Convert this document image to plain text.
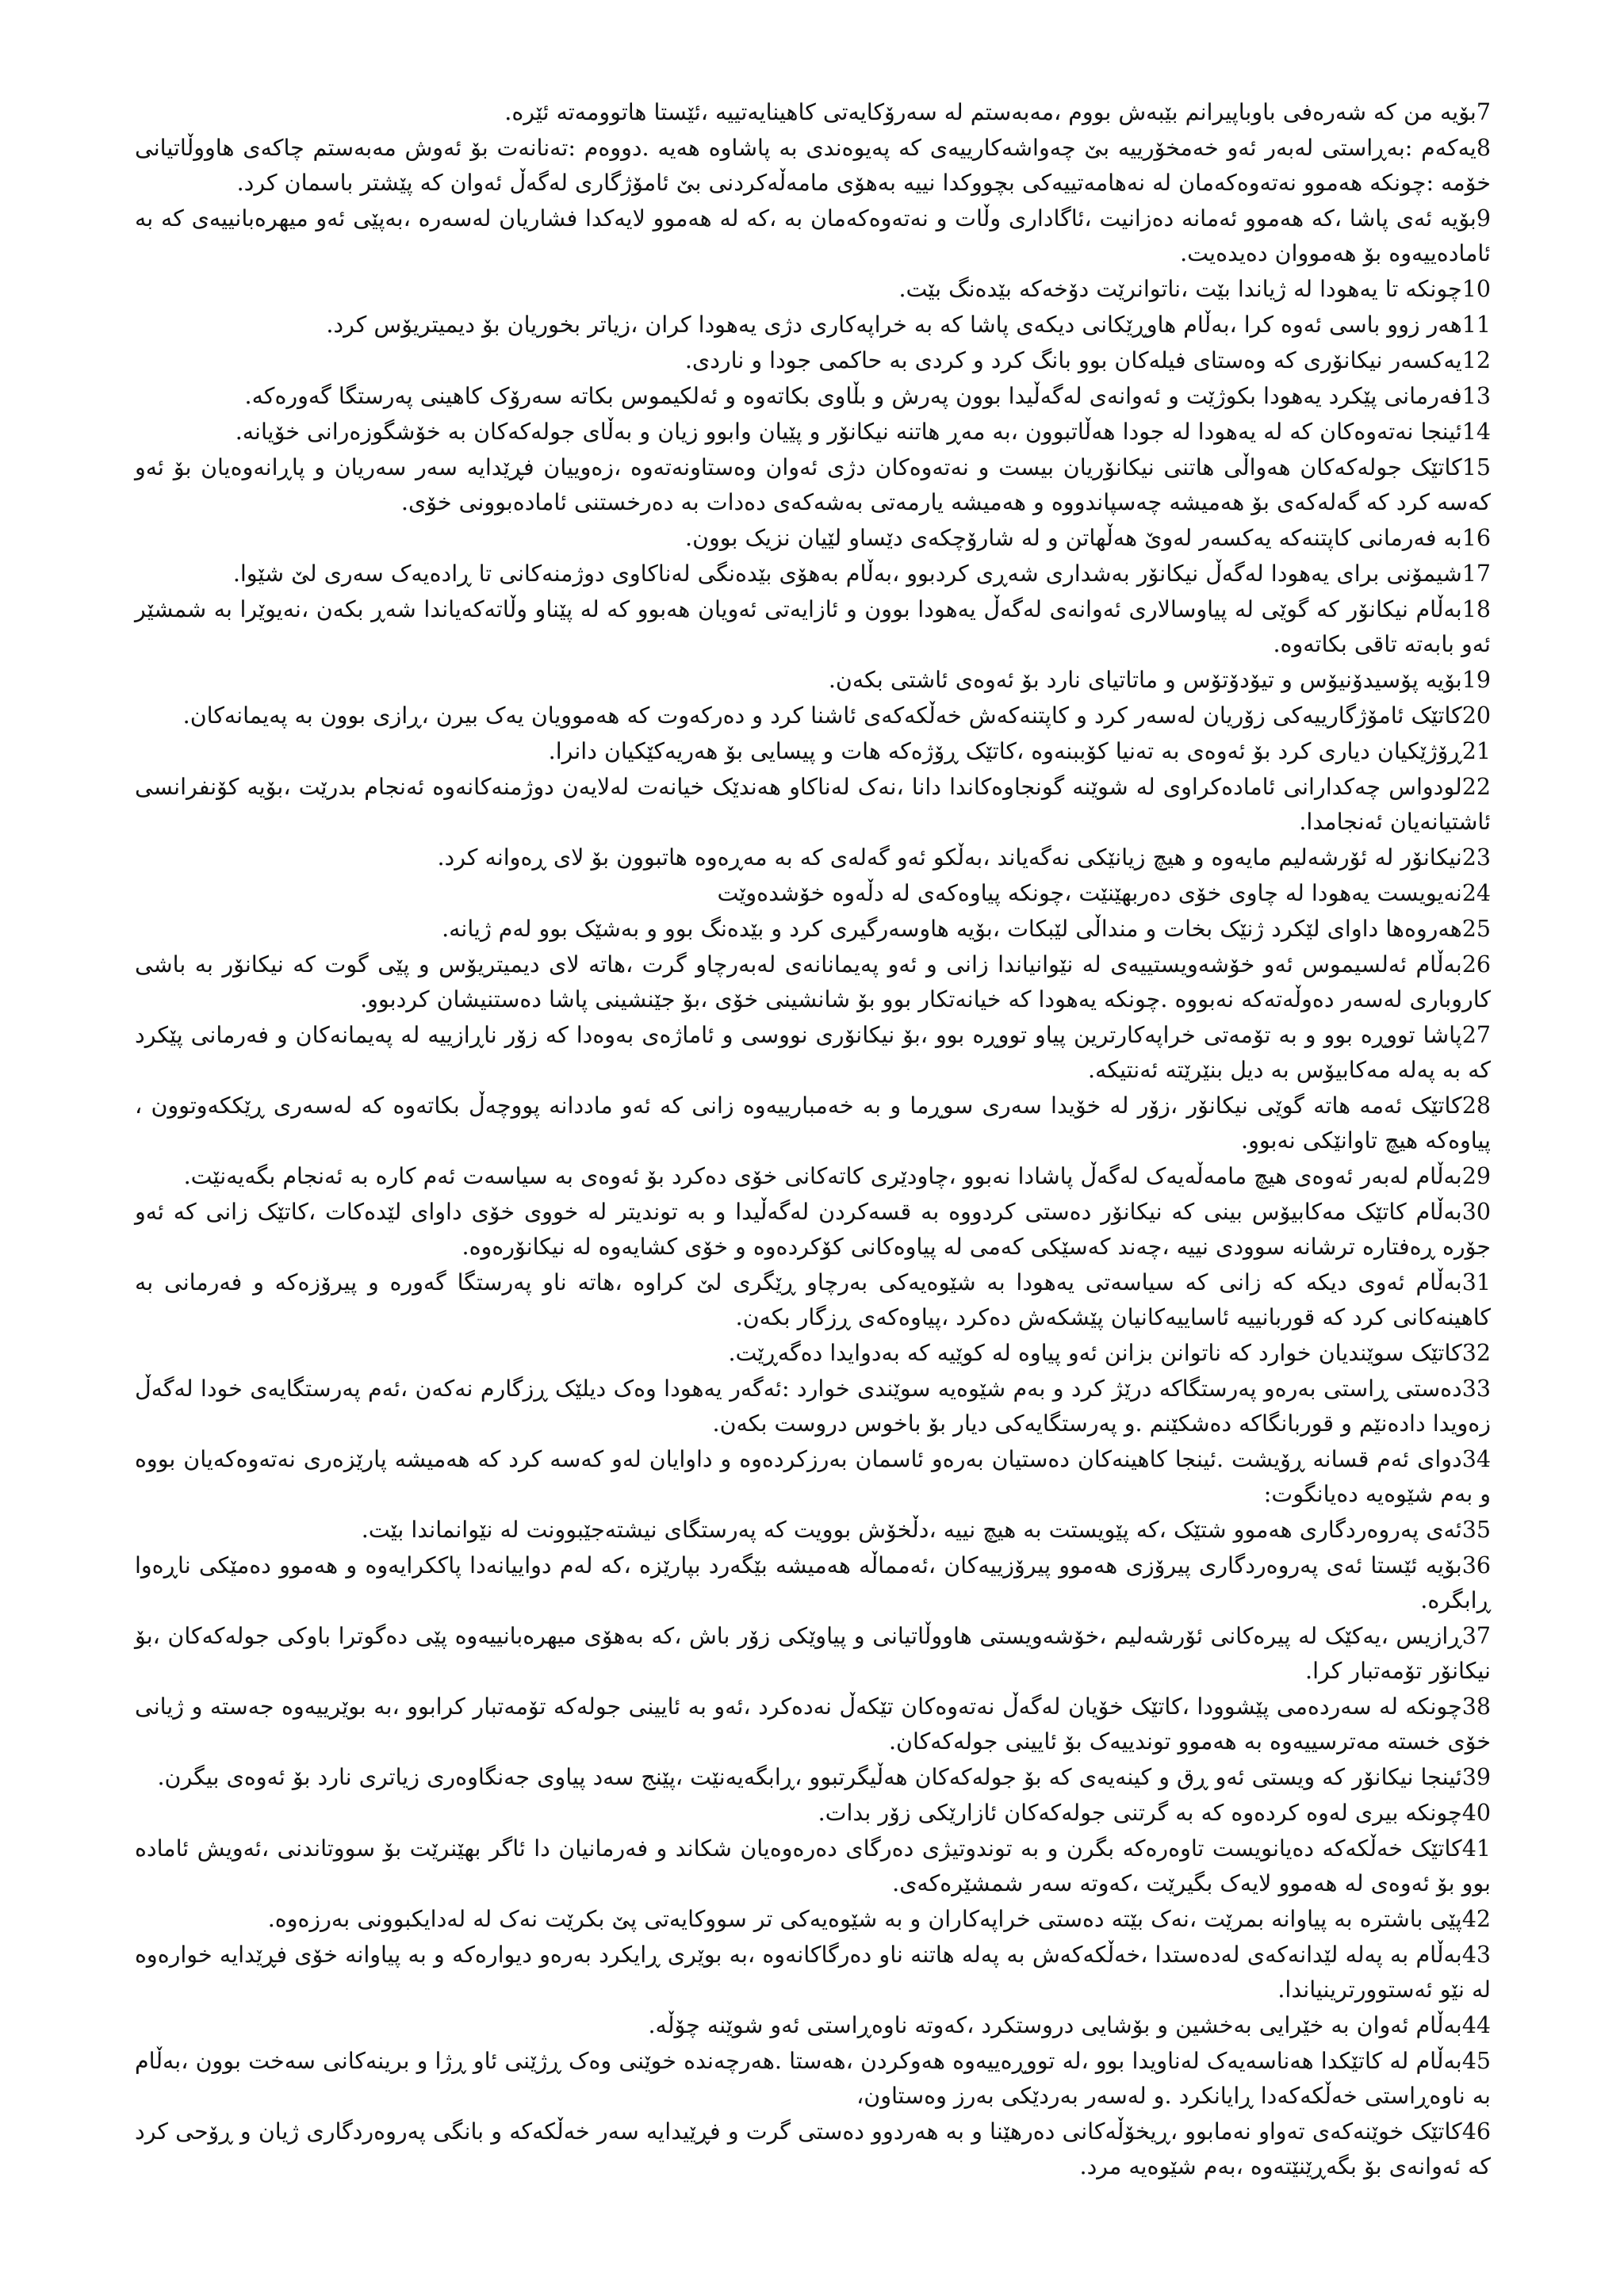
7بۆیە من کە شەرەفی باوباپیرانم بێبەش بووم ،مەبەستم لە سەرۆکایەتی کاهینایەتییە ،ئێستا هاتوومەتە ئێرە.

8یەکەم :بەڕاستی لەبەر ئەو خەمخۆرییە بێ چەواشەکارییەی کە پەیوەندی بە پاشاوە هەیە .دووەم :تەنانەت بۆ ئەوش مەبەستم چاکەی هاووڵاتیانی خۆمە :چونکە هەموو نەتەوەکەمان لە نەهامەتییەکی بچووکدا نییە بەهۆی مامەڵەکردنی بێ ئامۆژگاری لەگەڵ ئەوان کە پێشتر باسمان کرد.

9بۆیە ئەی پاشا ،کە هەموو ئەمانە دەزانیت ،ئاگاداری وڵات و نەتەوەکەمان بە ،کە لە هەموو لایەکدا فشاریان لەسەرە ،بەپێی ئەو میهرەبانییەی کە بە ئامادەییەوە بۆ هەمووان دەیدەیت.

10چونکە تا یەهودا لە ژیاندا بێت ،ناتوانرێت دۆخەکە بێدەنگ بێت.

11هەر زوو باسی ئەوە کرا ،بەڵام هاوڕێکانی دیکەی پاشا کە بە خراپەکاری دژی یەهودا کران ،زیاتر بخوریان بۆ دیمیتریۆس کرد.

12یەکسەر نیکانۆری کە وەستای فیلەکان بوو بانگ کرد و کردی بە حاکمی جودا و ناردی.

13فەرمانی پێکرد یەهودا بکوژێت و ئەوانەی لەگەڵیدا بوون پەرش و بڵاوی بکاتەوە و ئەلکیموس بکاتە سەرۆک کاهینی پەرستگا گەورەکە.

14ئینجا نەتەوەکان کە لە یەهودا لە جودا هەڵاتبوون ،بە مەڕ هاتنە نیکانۆر و پێیان وابوو زیان و بەڵای جولەکەکان بە خۆشگوزەرانی خۆیانە.

15کاتێک جولەکەکان هەواڵی هاتنی نیکانۆریان بیست و نەتەوەکان دژی ئەوان وەستاونەتەوە ،زەوییان فڕێدایە سەر سەریان و پاڕانەوەیان بۆ ئەو کەسە کرد کە گەلەکەی بۆ هەمیشە چەسپاندووە و هەمیشە یارمەتی بەشەکەی دەدات بە دەرخستنی ئامادەبوونی خۆی.

16بە فەرمانی کاپتنەکە یەکسەر لەوێ هەڵهاتن و لە شارۆچکەی دێساو لێیان نزیک بوون.

17شیمۆنی برای یەهودا لەگەڵ نیکانۆر بەشداری شەڕی کردبوو ،بەڵام بەهۆی بێدەنگی لەناکاوی دوژمنەکانی تا ڕادەیەک سەری لێ شێوا.

18بەڵام نیکانۆر کە گوێی لە پیاوسالاری ئەوانەی لەگەڵ یەهودا بوون و ئازایەتی ئەویان هەبوو کە لە پێناو وڵاتەکەیاندا شەڕ بکەن ،نەیوێرا بە شمشێر ئەو بابەتە تاقی بکاتەوە.

19بۆیە پۆسیدۆنیۆس و تیۆدۆتۆس و ماتاتیای نارد بۆ ئەوەی ئاشتی بکەن.

20کاتێک ئامۆژگارییەکی زۆریان لەسەر کرد و کاپتنەکەش خەڵکەکەی ئاشنا کرد و دەرکەوت کە هەموویان یەک بیرن ،ڕازی بوون بە پەیمانەکان.

21ڕۆژێکیان دیاری کرد بۆ ئەوەی بە تەنیا کۆببنەوە ،کاتێک ڕۆژەکە هات و پیسایی بۆ هەریەکێکیان دانرا.

22لودواس چەکدارانی ئامادەکراوی لە شوێنە گونجاوەکاندا دانا ،نەک لەناکاو هەندێک خیانەت لەلایەن دوژمنەکانەوە ئەنجام بدرێت ،بۆیە کۆنفرانسی ئاشتیانەیان ئەنجامدا.

23نیکانۆر لە ئۆرشەلیم مایەوە و هیچ زیانێکی نەگەیاند ،بەڵکو ئەو گەلەی کە بە مەڕەوە هاتبوون بۆ لای ڕەوانە کرد.

24نەیویست یەهودا لە چاوی خۆی دەربهێنێت ،چونکە پیاوەکەی لە دڵەوە خۆشدەوێت

25هەروەها داوای لێکرد ژنێک بخات و منداڵی لێبکات ،بۆیە هاوسەرگیری کرد و بێدەنگ بوو و بەشێک بوو لەم ژیانە.

26بەڵام ئەلسیموس ئەو خۆشەویستییەی لە نێوانیاندا زانی و ئەو پەیمانانەی لەبەرچاو گرت ،هاتە لای دیمیتریۆس و پێی گوت کە نیکانۆر بە باشی کاروباری لەسەر دەوڵەتەکە نەبووە .چونکە یەهودا کە خیانەتکار بوو بۆ شانشینی خۆی ،بۆ جێنشینی پاشا دەستنیشان کردبوو.

27پاشا تووڕە بوو و بە تۆمەتی خراپەکارترین پیاو تووڕە بوو ،بۆ نیکانۆری نووسی و ئاماژەی بەوەدا کە زۆر ناڕازییە لە پەیمانەکان و فەرمانی پێکرد کە بە پەلە مەکابیۆس بە دیل بنێرێتە ئەنتیکە.

28کاتێک ئەمە هاتە گوێی نیکانۆر ،زۆر لە خۆیدا سەری سوڕما و بە خەمبارییەوە زانی کە ئەو ماددانە پووچەڵ بکاتەوە کە لەسەری ڕێککەوتوون ، پیاوەکە هیچ تاوانێکی نەبوو.

29بەڵام لەبەر ئەوەی هیچ مامەڵەیەک لەگەڵ پاشادا نەبوو ،چاودێری کاتەکانی خۆی دەکرد بۆ ئەوەی بە سیاسەت ئەم کارە بە ئەنجام بگەیەنێت.

30بەڵام کاتێک مەکابیۆس بینی کە نیکانۆر دەستی کردووە بە قسەکردن لەگەڵیدا و بە توندیتر لە خووی خۆی داوای لێدەکات ،کاتێک زانی کە ئەو جۆرە ڕەفتارە ترشانە سوودی نییە ،چەند کەسێکی کەمی لە پیاوەکانی کۆکردەوە و خۆی کشایەوە لە نیکانۆرەوە.

31بەڵام ئەوی دیکە کە زانی کە سیاسەتی یەهودا بە شێوەیەکی بەرچاو ڕێگری لێ کراوە ،هاتە ناو پەرستگا گەورە و پیرۆزەکە و فەرمانی بە کاهینەکانی کرد کە قوربانییە ئاساییەکانیان پێشکەش دەکرد ،پیاوەکەی ڕزگار بکەن.

32کاتێک سوێندیان خوارد کە ناتوانن بزانن ئەو پیاوە لە کوێیە کە بەدوایدا دەگەڕێت.

33دەستی ڕاستی بەرەو پەرستگاکە درێژ کرد و بەم شێوەیە سوێندی خوارد :ئەگەر یەهودا وەک دیلێک ڕزگارم نەکەن ،ئەم پەرستگایەی خودا لەگەڵ زەویدا دادەنێم و قوربانگاکە دەشکێنم .و پەرستگایەکی دیار بۆ باخوس دروست بکەن.

34دوای ئەم قسانە ڕۆیشت .ئینجا کاهینەکان دەستیان بەرەو ئاسمان بەرزکردەوە و داوایان لەو کەسە کرد کە هەمیشە پارێزەری نەتەوەکەیان بووە و بەم شێوەیە دەیانگوت:

35ئەی پەروەردگاری هەموو شتێک ،کە پێویستت بە هیچ نییە ،دڵخۆش بوویت کە پەرستگای نیشتەجێبوونت لە نێوانماندا بێت.

36بۆیە ئێستا ئەی پەروەردگاری پیرۆزی هەموو پیرۆزییەکان ،ئەمماڵە هەمیشە بێگەرد بپارێزە ،کە لەم دواییانەدا پاککرایەوە و هەموو دەمێکی ناڕەوا ڕابگرە.

37ڕازیس ،یەکێک لە پیرەکانی ئۆرشەلیم ،خۆشەویستی هاووڵاتیانی و پیاوێکی زۆر باش ،کە بەهۆی میهرەبانییەوە پێی دەگوترا باوکی جولەکەکان ،بۆ نیکانۆر تۆمەتبار کرا.

38چونکە لە سەردەمی پێشوودا ،کاتێک خۆیان لەگەڵ نەتەوەکان تێکەڵ نەدەکرد ،ئەو بە ئایینی جولەکە تۆمەتبار کرابوو ،بە بوێرییەوە جەستە و ژیانی خۆی خستە مەترسییەوە بە هەموو توندییەک بۆ ئایینی جولەکەکان.

39ئینجا نیکانۆر کە ویستی ئەو ڕق و کینەیەی کە بۆ جولەکەکان هەڵیگرتبوو ،ڕابگەیەنێت ،پێنج سەد پیاوی جەنگاوەری زیاتری نارد بۆ ئەوەی بیگرن.

40چونکە بیری لەوە کردەوە کە بە گرتنی جولەکەکان ئازارێکی زۆر بدات.

41کاتێک خەڵکەکە دەیانویست تاوەرەکە بگرن و بە توندوتیژی دەرگای دەرەوەیان شکاند و فەرمانیان دا ئاگر بهێنرێت بۆ سووتاندنی ،ئەویش ئامادە بوو بۆ ئەوەی لە هەموو لایەک بگیرێت ،کەوتە سەر شمشێرەکەی.

42پێی باشترە بە پیاوانە بمرێت ،نەک بێتە دەستی خراپەکاران و بە شێوەیەکی تر سووکایەتی پێ بکرێت نەک لە لەدایکبوونی بەرزەوە.

43بەڵام بە پەلە لێدانەکەی لەدەستدا ،خەڵکەکەش بە پەلە هاتنە ناو دەرگاکانەوە ،بە بوێری ڕایکرد بەرەو دیوارەکە و بە پیاوانە خۆی فڕێدایە خوارەوە لە نێو ئەستوورترینیاندا.

44بەڵام ئەوان بە خێرایی بەخشین و بۆشایی دروستکرد ،کەوتە ناوەڕاستی ئەو شوێنە چۆڵە.

45بەڵام لە کاتێکدا هەناسەیەک لەناویدا بوو ،لە تووڕەییەوە هەوکردن ،هەستا .هەرچەندە خوێنی وەک ڕژێنی ئاو ڕژا و برینەکانی سەخت بوون ،بەڵام بە ناوەڕاستی خەڵکەکەدا ڕایانکرد .و لەسەر بەردێکی بەرز وەستاون،

46کاتێک خوێنەکەی تەواو نەمابوو ،ڕیخۆڵەکانی دەرهێنا و بە هەردوو دەستی گرت و فڕێیدایە سەر خەڵکەکە و بانگی پەروەردگاری ژیان و ڕۆحی کرد کە ئەوانەی بۆ بگەڕێنێتەوە ،بەم شێوەیە مرد.
